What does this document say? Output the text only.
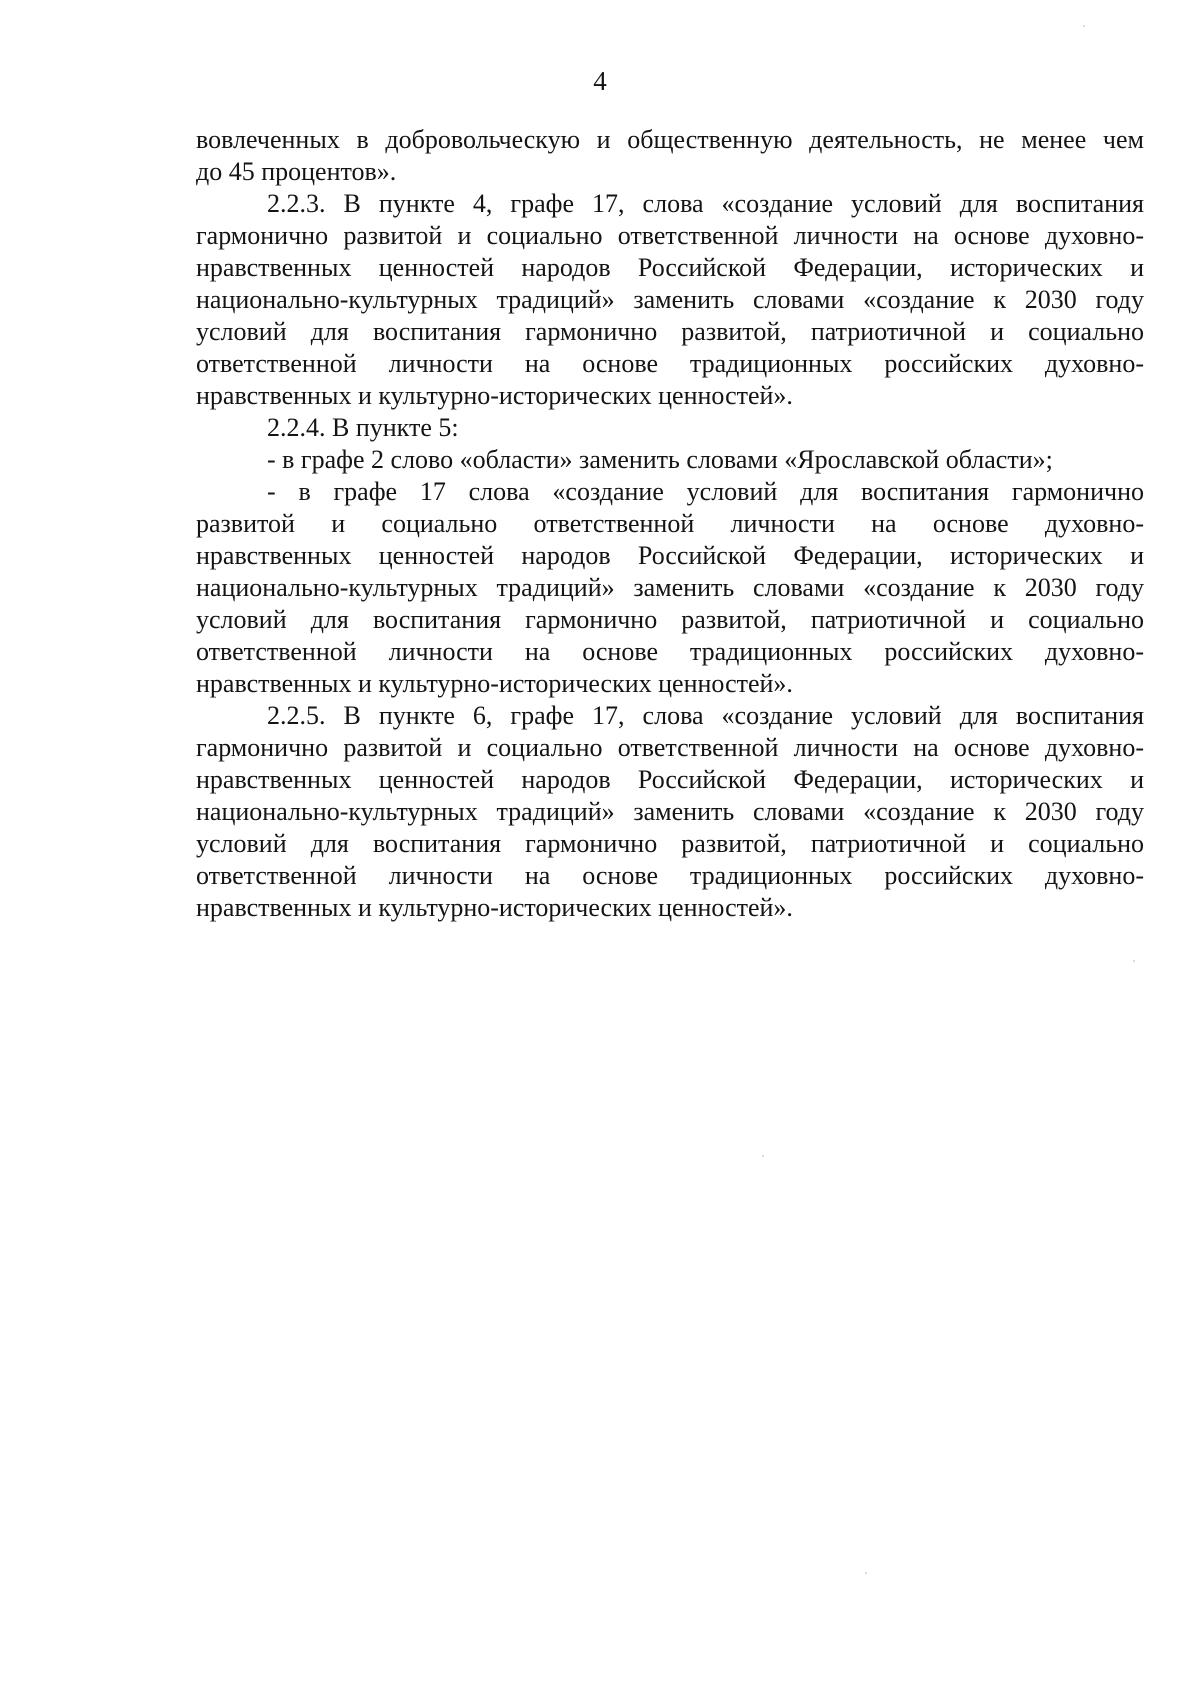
4

вовлеченных в добровольческую и общественную деятельность, не менее чем
до 45 процентов».

2.2.3. В пункте 4, графе 17, слова «создание условий для воспитания
гармонично развитой и социально ответственной личности на основе духовно-
нравственных ценностей народов Российской Федерации, исторических и
национально-культурных традиций» заменить словами «создание к 2030 году
условий для воспитания гармонично развитой, патриотичной и социально
ответственной личности на основе традиционных российских духовно-
нравственных и культурно-исторических ценностей».

2.2.4. В пункте 5:

- в графе 2 слово «области» заменить словами «Ярославской области»;

- в графе 17 слова «создание условий для воспитания гармонично
развитой и социально ответственной личности на основе духовно-
нравственных ценностей народов Российской Федерации, исторических и
национально-культурных традиций» заменить словами «создание к 2030 году
условий для воспитания гармонично развитой, патриотичной и социально
ответственной личности на основе традиционных российских духовно-
нравственных и культурно-исторических ценностей».

2.2.5. В пункте 6, графе 17, слова «создание условий для воспитания
гармонично развитой и социально ответственной личности на основе духовно-
нравственных ценностей народов Российской Федерации, исторических и
национально-культурных традиций» заменить словами «создание к 2030 году
условий для воспитания гармонично развитой, патриотичной и социально
ответственной личности на основе традиционных российских духовно-
нравственных и культурно-исторических ценностей».
